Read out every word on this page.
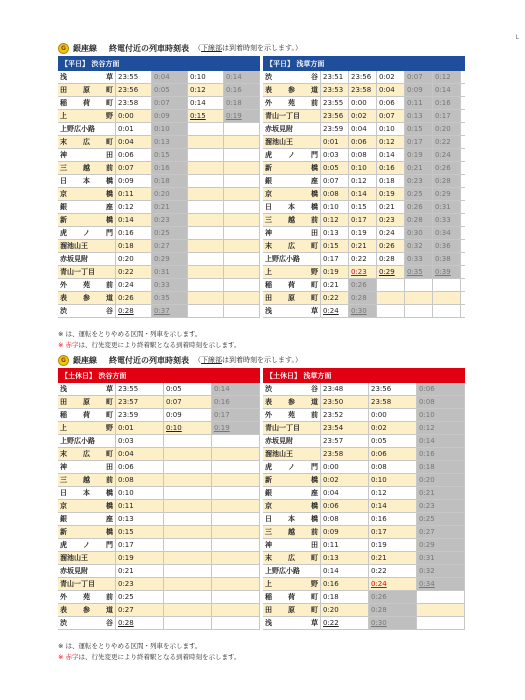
L
G 銀座線 終電付近の列車時刻表 （下線部は到着時刻を示します。）
【平日】 渋谷方面
浅	草 23:55	0:04	0:10	0:14
田 原 町 23:56	0:05	0:12	0:16
稲 荷 町 23:58	0:07	0:14	0:18
上	野 0:00	0:09	0:15	0:19
上野広小路	0:01	0:10
末 広 町 0:04	0:13
神	田 0:06	0:15
三 越 前 0:07	0:16
日 本 橋 0:09	0:18
京	橋 0:11	0:20
銀	座 0:12	0:21
新	橋 0:14	0:23
虎 ノ 門 0:16	0:25
溜池山王	0:18	0:27
赤坂見附	0:20	0:29
青山一丁目	0:22	0:31
外 苑 前 0:24	0:33
表 参 道 0:26	0:35
渋	谷 0:28	0:37
【平日】 浅草方面
渋	谷 23:51	23:56	0:02	0:07	0:12
表 参 道 23:53	23:58	0:04	0:09	0:14
外 苑 前 23:55	0:00	0:06	0:11	0:16
青山一丁目	23:56	0:02	0:07	0:13	0:17
赤坂見附	23:59	0:04	0:10	0:15	0:20
溜池山王	0:01	0:06	0:12	0:17	0:22
虎 ノ 門 0:03	0:08	0:14	0:19	0:24
新	橋 0:05	0:10	0:16	0:21	0:26
銀	座 0:07	0:12	0:18	0:23	0:28
京	橋 0:08	0:14	0:19	0:25	0:29
日 本 橋 0:10	0:15	0:21	0:26	0:31
三 越 前 0:12	0:17	0:23	0:28	0:33
神	田 0:13	0:19	0:24	0:30	0:34
末 広 町 0:15	0:21	0:26	0:32	0:36
上野広小路	0:17	0:22	0:28	0:33	0:38
上	野 0:19	0:23	0:29	0:35	0:39
稲 荷 町 0:21	0:26
田 原 町 0:22	0:28
浅	草 0:24	0:30
※ は、運転をとりやめる区間・列車を示します。
※ 赤字は、行先変更により終着駅となる到着時刻を示します。
G 銀座線 終電付近の列車時刻表 （下線部は到着時刻を示します。）
【土休日】 渋谷方面
浅	草 23:55	0:05	0:14
田 原 町 23:57	0:07	0:16
稲 荷 町 23:59	0:09	0:17
上	野 0:01	0:10	0:19
上野広小路	0:03
末 広 町 0:04
神	田 0:06
三 越 前 0:08
日 本 橋 0:10
京	橋 0:11
銀	座 0:13
新	橋 0:15
虎 ノ 門 0:17
溜池山王	0:19
赤坂見附	0:21
青山一丁目	0:23
外 苑 前 0:25
表 参 道 0:27
渋	谷 0:28
【土休日】 浅草方面
渋	谷 23:48	23:56	0:06
表 参 道 23:50	23:58	0:08
外 苑 前 23:52	0:00	0:10
青山一丁目	23:54	0:02	0:12
赤坂見附	23:57	0:05	0:14
溜池山王	23:58	0:06	0:16
虎 ノ 門 0:00	0:08	0:18
新	橋 0:02	0:10	0:20
銀	座 0:04	0:12	0:21
京	橋 0:06	0:14	0:23
日 本 橋 0:08	0:16	0:25
三 越 前 0:09	0:17	0:27
神	田 0:11	0:19	0:29
末 広 町 0:13	0:21	0:31
上野広小路	0:14	0:22	0:32
上	野 0:16	0:24	0:34
稲 荷 町 0:18	0:26
田 原 町 0:20	0:28
浅	草 0:22	0:30
※ は、運転をとりやめる区間・列車を示します。
※ 赤字は、行先変更により終着駅となる到着時刻を示します。
